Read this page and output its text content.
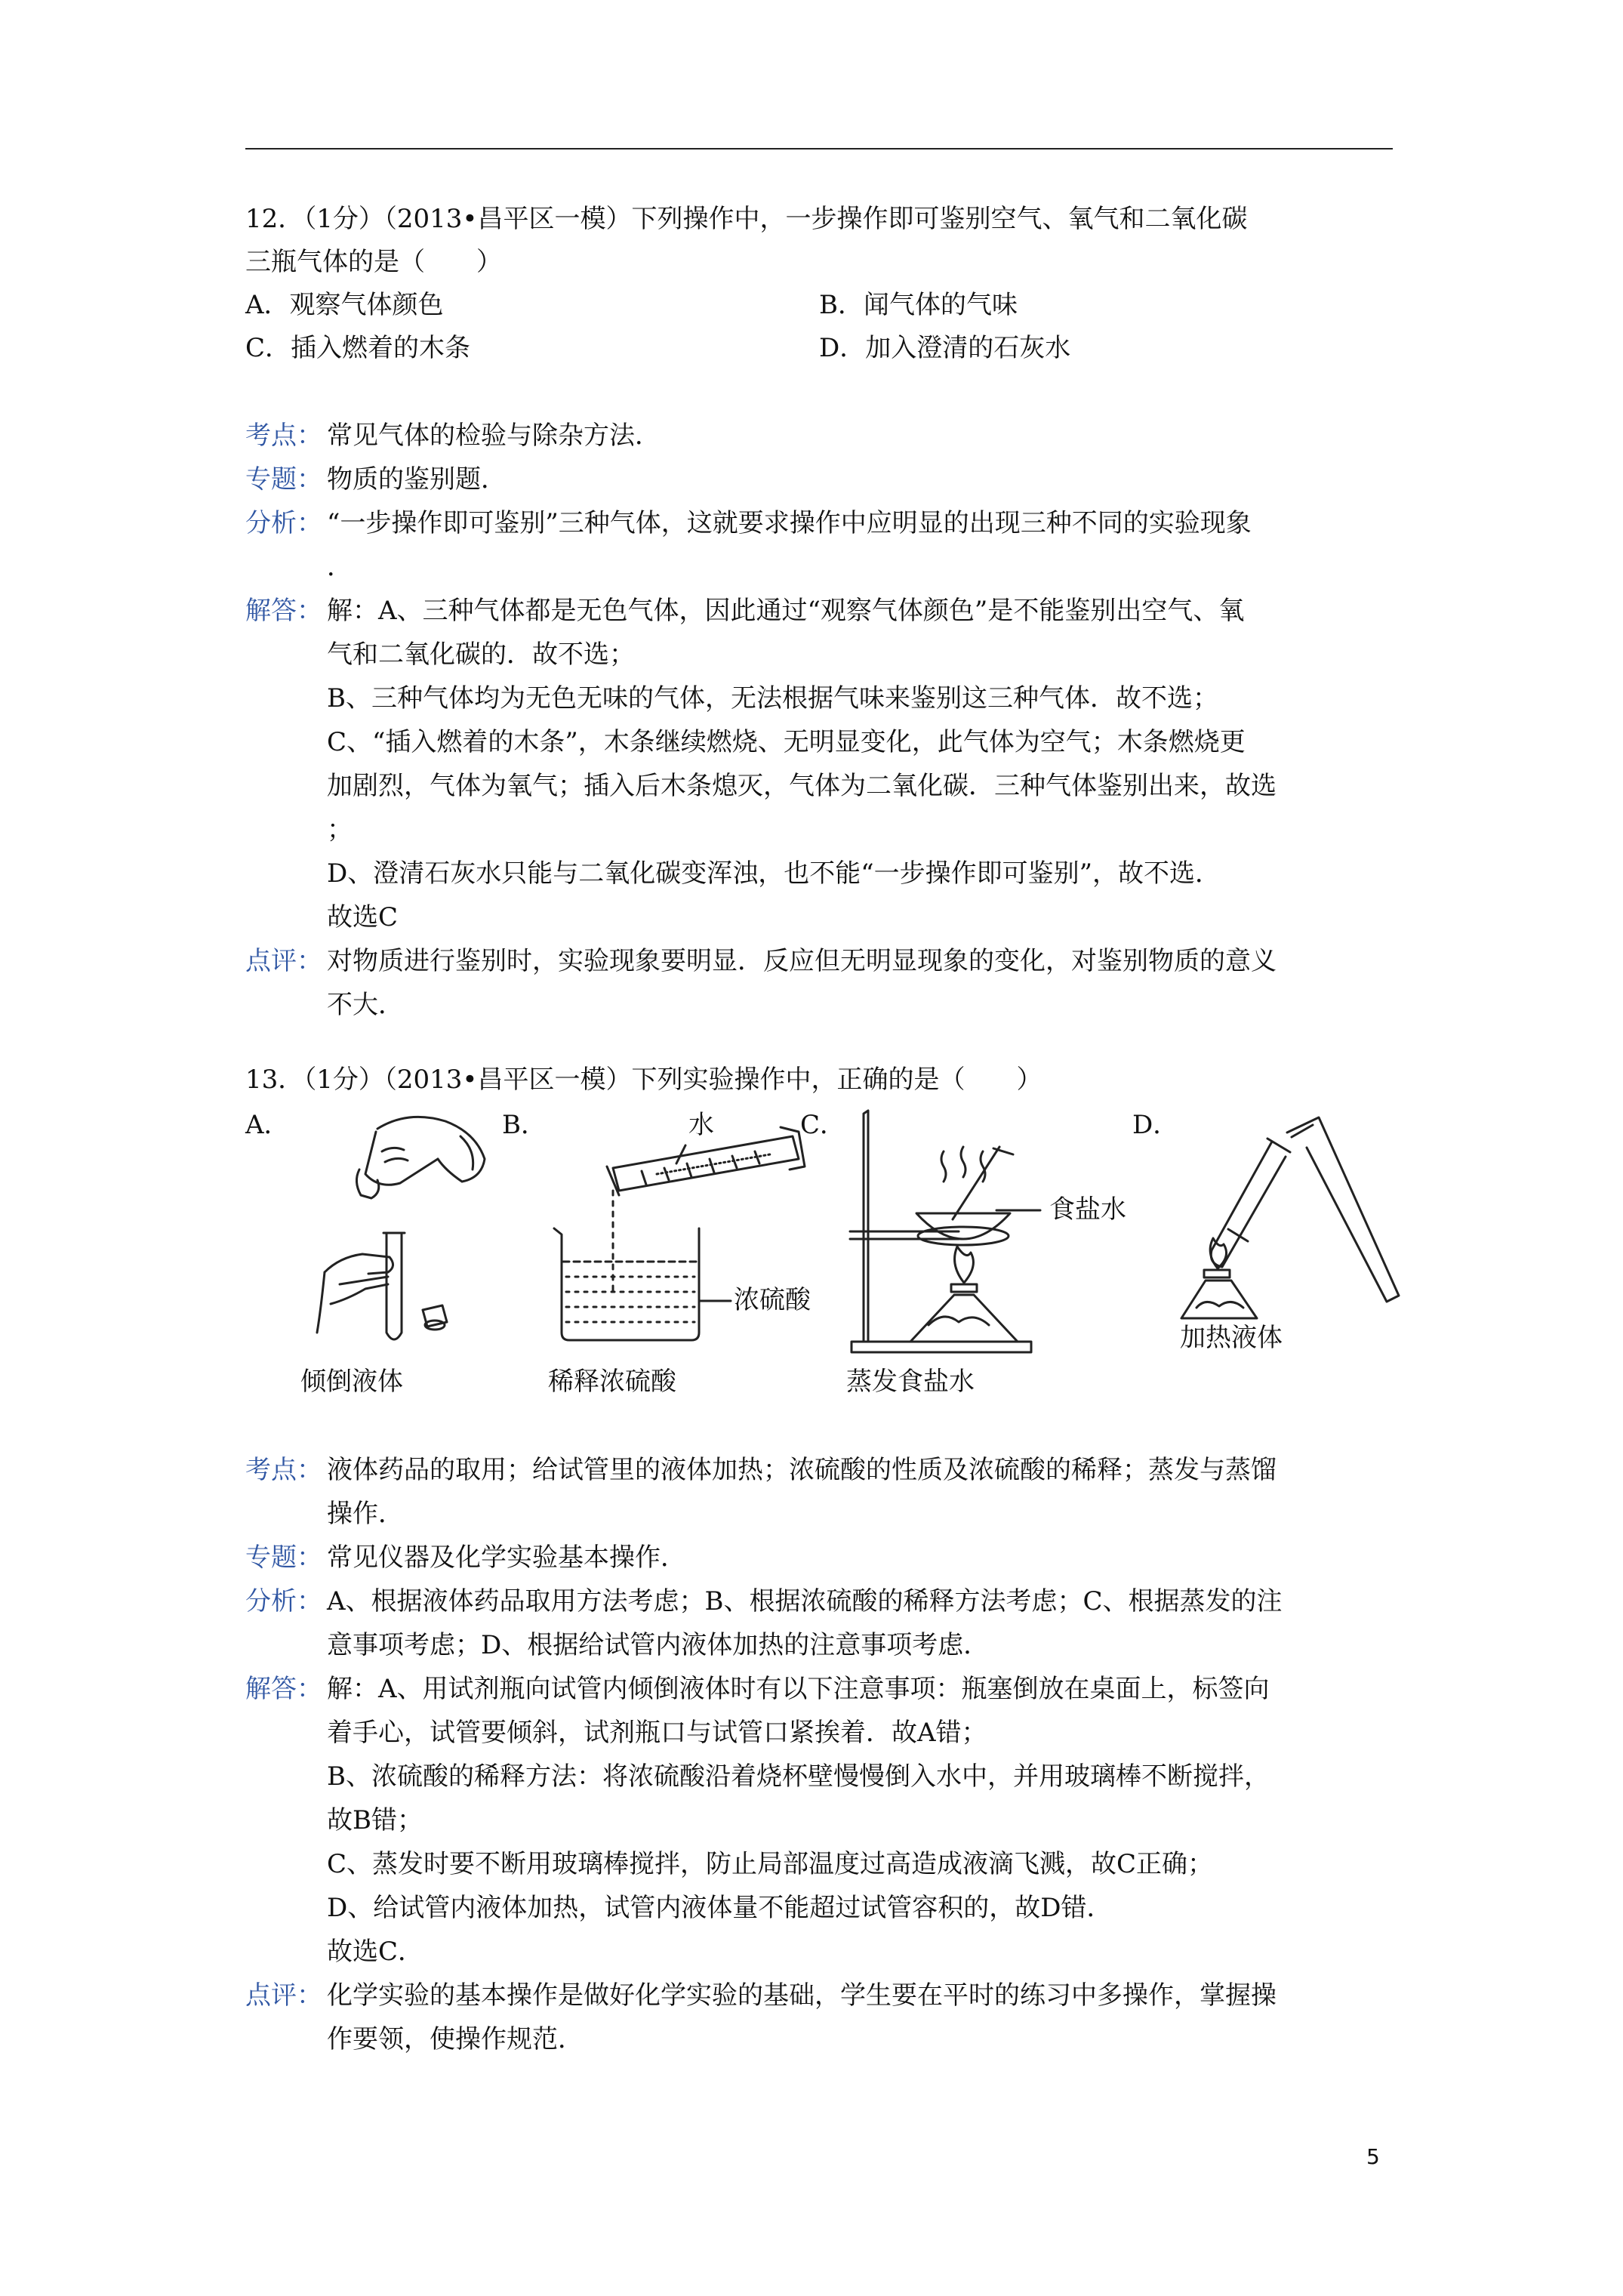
12．（1分）（2013•昌平区一模）下列操作中，一步操作即可鉴别空气、氧气和二氧化碳

三瓶气体的是（　　）

A．观察气体颜色	B．闻气体的气味
C．插入燃着的木条	D．加入澄清的石灰水
考点： 常见气体的检验与除杂方法．

专题： 物质的鉴别题．

分析： “一步操作即可鉴别”三种气体，这就要求操作中应明显的出现三种不同的实验现象

．

解答： 解：A、三种气体都是无色气体，因此通过“观察气体颜色”是不能鉴别出空气、氧

气和二氧化碳的．故不选；

B、三种气体均为无色无味的气体，无法根据气味来鉴别这三种气体．故不选；

C、“插入燃着的木条”，木条继续燃烧、无明显变化，此气体为空气；木条燃烧更

加剧烈，气体为氧气；插入后木条熄灭，气体为二氧化碳．三种气体鉴别出来，故选

；

D、澄清石灰水只能与二氧化碳变浑浊，也不能“一步操作即可鉴别”，故不选．

故选C

点评： 对物质进行鉴别时，实验现象要明显．反应但无明显现象的变化，对鉴别物质的意义

不大．

13．（1分）（2013•昌平区一模）下列实验操作中，正确的是（　　）

A．	B．	C．	D．
水
浓硫酸
食盐水
倾倒液体	稀释浓硫酸	蒸发食盐水
加热液体
考点： 液体药品的取用；给试管里的液体加热；浓硫酸的性质及浓硫酸的稀释；蒸发与蒸馏

操作．

专题： 常见仪器及化学实验基本操作．

分析： A、根据液体药品取用方法考虑；B、根据浓硫酸的稀释方法考虑；C、根据蒸发的注

意事项考虑；D、根据给试管内液体加热的注意事项考虑．

解答： 解：A、用试剂瓶向试管内倾倒液体时有以下注意事项：瓶塞倒放在桌面上，标签向

着手心，试管要倾斜，试剂瓶口与试管口紧挨着．故A错；

B、浓硫酸的稀释方法：将浓硫酸沿着烧杯壁慢慢倒入水中，并用玻璃棒不断搅拌，

故B错；

C、蒸发时要不断用玻璃棒搅拌，防止局部温度过高造成液滴飞溅，故C正确；

D、给试管内液体加热，试管内液体量不能超过试管容积的，故D错．

故选C．

点评： 化学实验的基本操作是做好化学实验的基础，学生要在平时的练习中多操作，掌握操

作要领，使操作规范．

5
